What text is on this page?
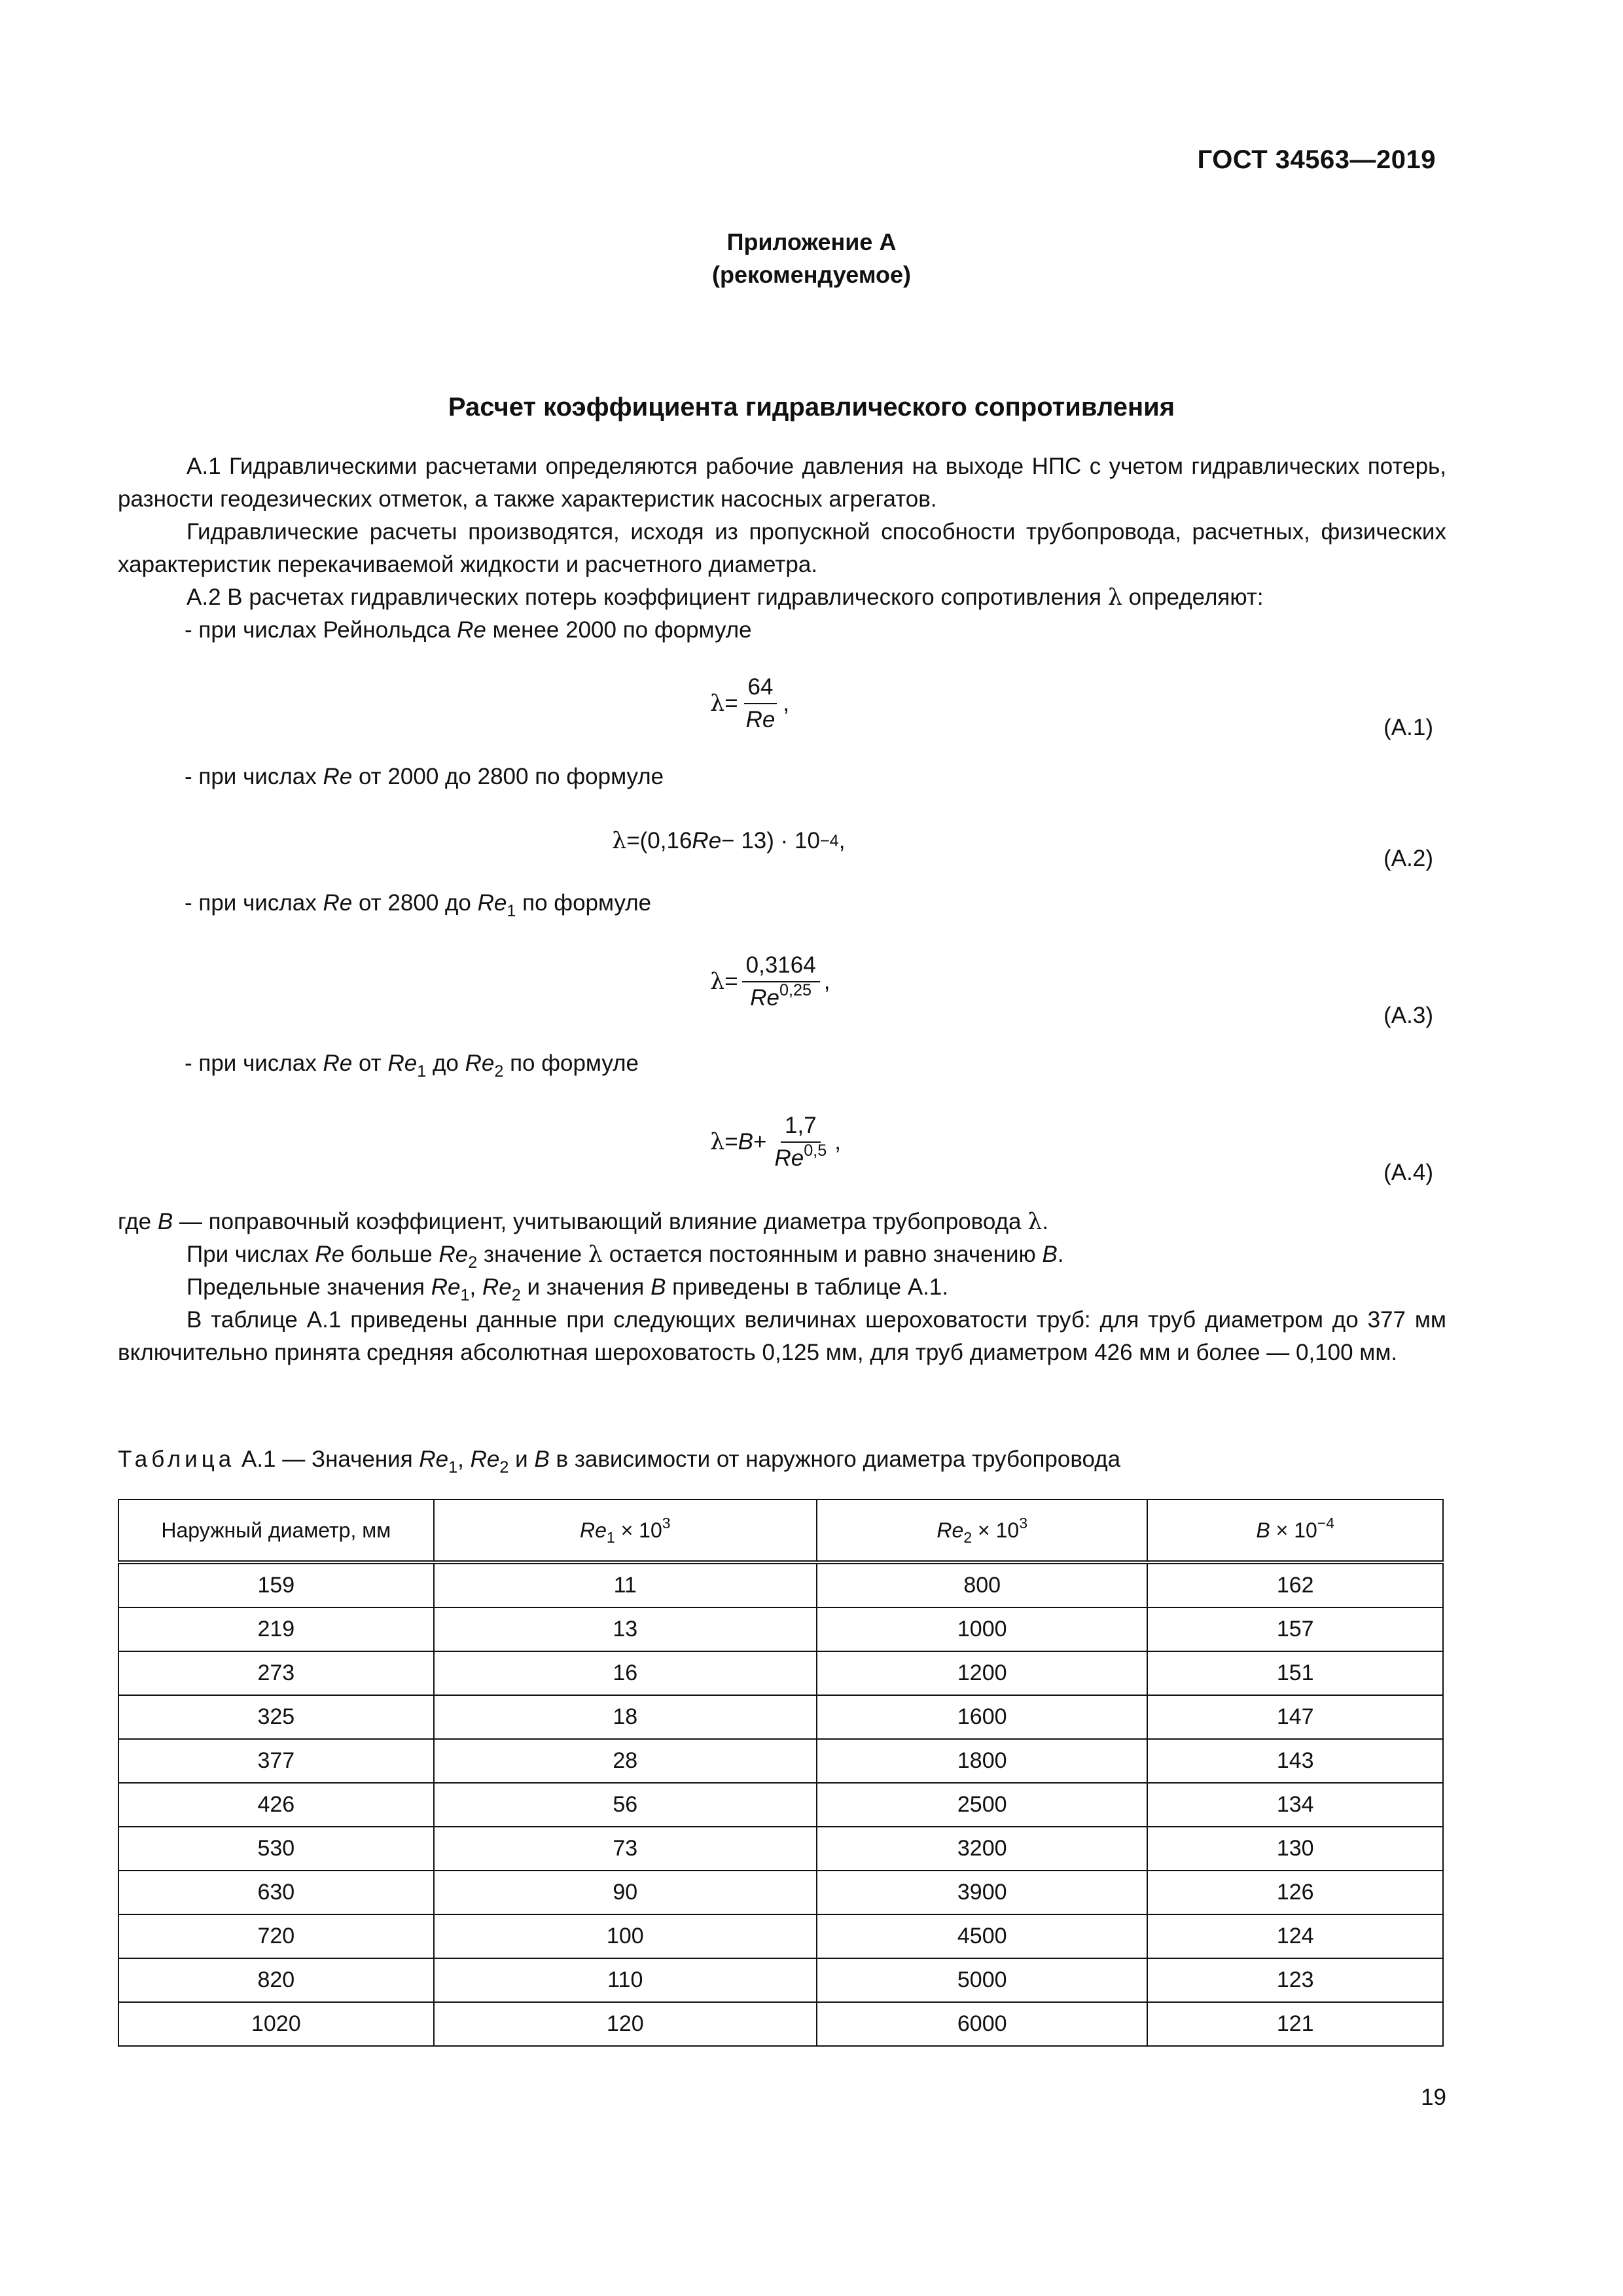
ГОСТ 34563—2019
Приложение А
(рекомендуемое)
Расчет коэффициента гидравлического сопротивления

А.1 Гидравлическими расчетами определяются рабочие давления на выходе НПС с учетом гидравлических потерь, разности геодезических отметок, а также характеристик насосных агрегатов.

Гидравлические расчеты производятся, исходя из пропускной способности трубопровода, расчетных, физических характеристик перекачиваемой жидкости и расчетного диаметра.

А.2 В расчетах гидравлических потерь коэффициент гидравлического сопротивления λ определяют:

- при числах Рейнольдса Re менее 2000 по формуле

$\lambda = \frac{64}{Re}$ ,
(А.1)

- при числах Re от 2000 до 2800 по формуле

λ = (0,16 Re − 13) · 10 −4 ,
(А.2)

- при числах Re от 2800 до $Re_1$ по формуле

$\lambda = \frac{0,3164}{Re^{0,25}}$ ,
(А.3)

- при числах Re от $Re_1$ до $Re_2$ по формуле

$\lambda = B + \frac{1,7}{Re^{0,5}}$ ,
(А.4)

где B — поправочный коэффициент, учитывающий влияние диаметра трубопровода λ.

При числах Re больше $Re_2$ значение λ остается постоянным и равно значению B.

Предельные значения $Re_1$, $Re_2$ и значения B приведены в таблице А.1.

В таблице А.1 приведены данные при следующих величинах шероховатости труб: для труб диаметром до 377 мм включительно принята средняя абсолютная шероховатость 0,125 мм, для труб диаметром 426 мм и более — 0,100 мм.

Таблица А.1 — Значения $Re_1$, $Re_2$ и B в зависимости от наружного диаметра трубопровода
Наружный диаметр, мм	$Re_1 \times 10^3$	$Re_2 \times 10^3$	$B \times 10^{-4}$
159	11	800	162
219	13	1000	157
273	16	1200	151
325	18	1600	147
377	28	1800	143
426	56	2500	134
530	73	3200	130
630	90	3900	126
720	100	4500	124
820	110	5000	123
1020	120	6000	121
19
